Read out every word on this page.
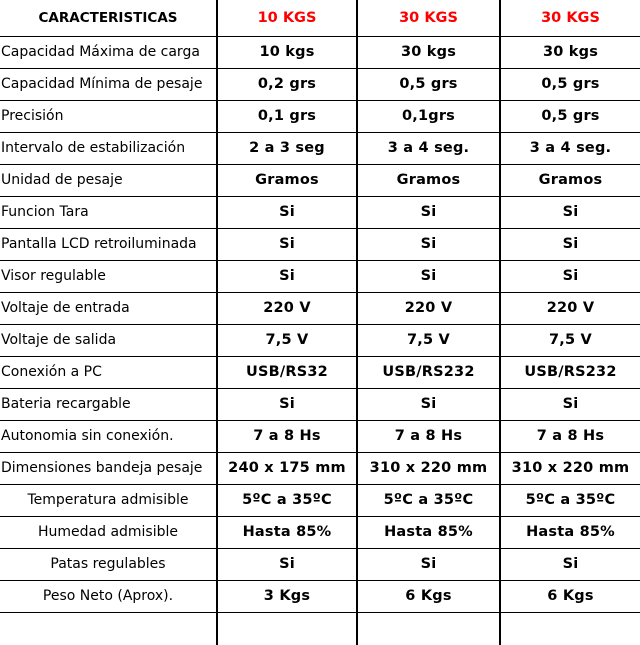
CARACTERISTICAS	10 KGS	30 KGS	30 KGS
Capacidad Máxima de carga	10 kgs	30 kgs	30 kgs
Capacidad Mínima de pesaje	0,2 grs	0,5 grs	0,5 grs
Precisión	0,1 grs	0,1grs	0,5 grs
Intervalo de estabilización	2 a 3 seg	3 a 4 seg.	3 a 4 seg.
Unidad de pesaje	Gramos	Gramos	Gramos
Funcion Tara	Si	Si	Si
Pantalla LCD retroiluminada	Si	Si	Si
Visor regulable	Si	Si	Si
Voltaje de entrada	220 V	220 V	220 V
Voltaje de salida	7,5 V	7,5 V	7,5 V
Conexión a PC	USB/RS32	USB/RS232	USB/RS232
Bateria recargable	Si	Si	Si
Autonomia sin conexión.	7 a 8 Hs	7 a 8 Hs	7 a 8 Hs
Dimensiones bandeja pesaje	240 x 175 mm	310 x 220 mm	310 x 220 mm
Temperatura admisible	5ºC a 35ºC	5ºC a 35ºC	5ºC a 35ºC
Humedad admisible	Hasta 85%	Hasta 85%	Hasta 85%
Patas regulables	Si	Si	Si
Peso Neto (Aprox).	3 Kgs	6 Kgs	6 Kgs
